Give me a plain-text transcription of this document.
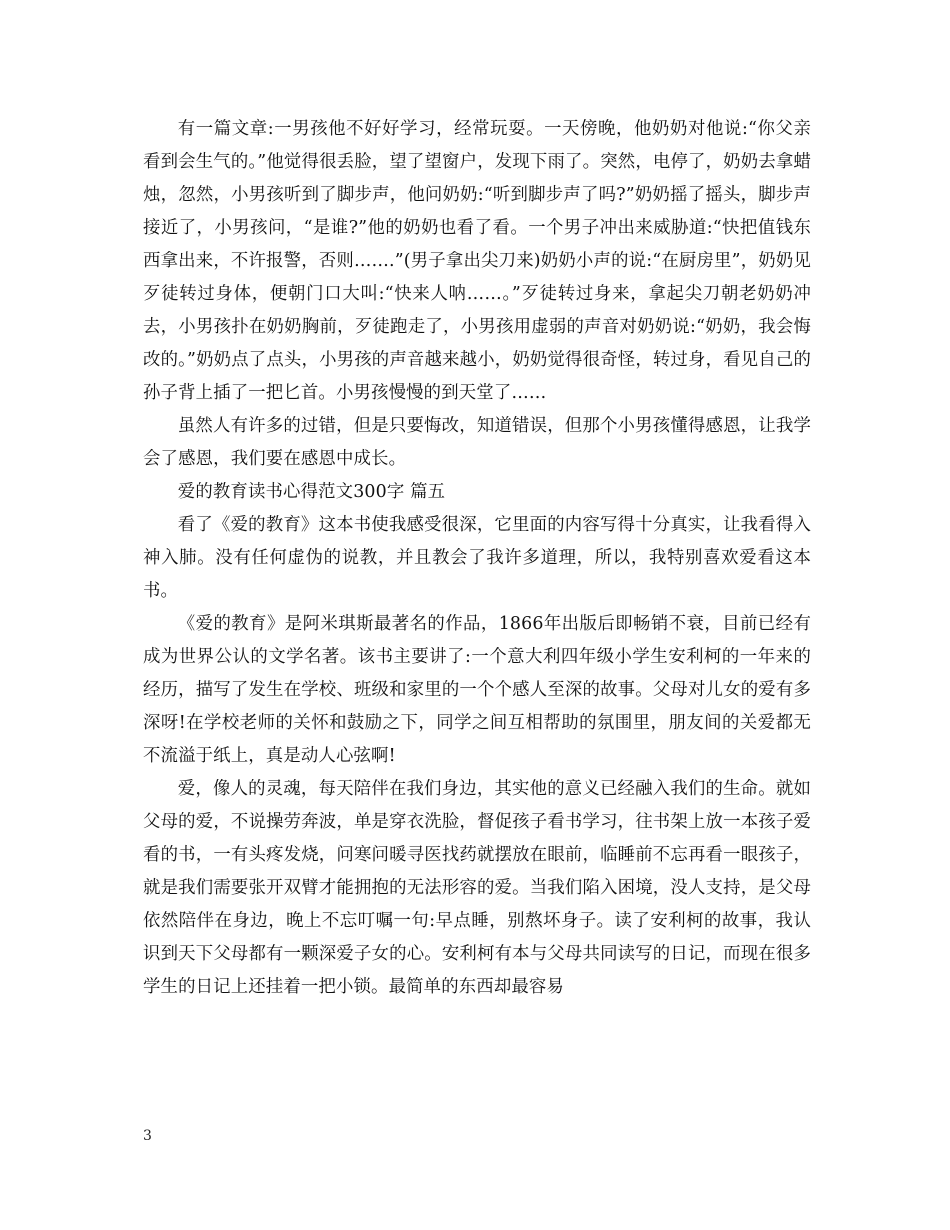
有一篇文章:一男孩他不好好学习，经常玩耍。一天傍晚，他奶奶对他说:“你父亲看到会生气的。”他觉得很丢脸，望了望窗户，发现下雨了。突然，电停了，奶奶去拿蜡烛，忽然，小男孩听到了脚步声，他问奶奶:“听到脚步声了吗?”奶奶摇了摇头，脚步声接近了，小男孩问，“是谁?”他的奶奶也看了看。一个男子冲出来威胁道:“快把值钱东西拿出来，不许报警，否则…….”(男子拿出尖刀来)奶奶小声的说:“在厨房里”，奶奶见歹徒转过身体，便朝门口大叫:“快来人呐……。”歹徒转过身来，拿起尖刀朝老奶奶冲去，小男孩扑在奶奶胸前，歹徒跑走了，小男孩用虚弱的声音对奶奶说:“奶奶，我会悔改的。”奶奶点了点头，小男孩的声音越来越小，奶奶觉得很奇怪，转过身，看见自己的孙子背上插了一把匕首。小男孩慢慢的到天堂了……

虽然人有许多的过错，但是只要悔改，知道错误，但那个小男孩懂得感恩，让我学会了感恩，我们要在感恩中成长。

爱的教育读书心得范文300字 篇五

看了《爱的教育》这本书使我感受很深，它里面的内容写得十分真实，让我看得入神入肺。没有任何虚伪的说教，并且教会了我许多道理，所以，我特别喜欢爱看这本书。

《爱的教育》是阿米琪斯最著名的作品，1866年出版后即畅销不衰，目前已经有成为世界公认的文学名著。该书主要讲了:一个意大利四年级小学生安利柯的一年来的经历，描写了发生在学校、班级和家里的一个个感人至深的故事。父母对儿女的爱有多深呀!在学校老师的关怀和鼓励之下，同学之间互相帮助的氛围里，朋友间的关爱都无不流溢于纸上，真是动人心弦啊!

爱，像人的灵魂，每天陪伴在我们身边，其实他的意义已经融入我们的生命。就如父母的爱，不说操劳奔波，单是穿衣洗脸，督促孩子看书学习，往书架上放一本孩子爱看的书，一有头疼发烧，问寒问暖寻医找药就摆放在眼前，临睡前不忘再看一眼孩子，就是我们需要张开双臂才能拥抱的无法形容的爱。当我们陷入困境，没人支持，是父母依然陪伴在身边，晚上不忘叮嘱一句:早点睡，别熬坏身子。读了安利柯的故事，我认识到天下父母都有一颗深爱子女的心。安利柯有本与父母共同读写的日记，而现在很多学生的日记上还挂着一把小锁。最简单的东西却最容易

3
